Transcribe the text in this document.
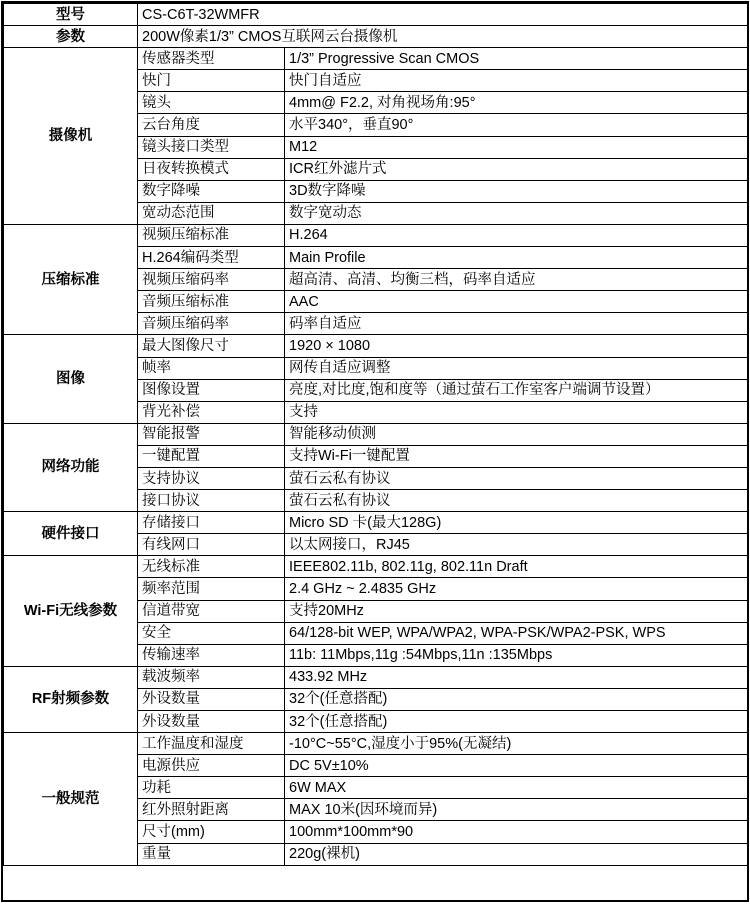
型号	CS-C6T-32WMFR	
参数	200W像素1/3” CMOS互联网云台摄像机	
摄像机	传感器类型	1/3” Progressive Scan CMOS
	快门	快门自适应
	镜头	4mm@ F2.2, 对角视场角:95°
	云台角度	水平340°，垂直90°
	镜头接口类型	M12
	日夜转换模式	ICR红外滤片式
	数字降噪	3D数字降噪
	宽动态范围	数字宽动态
压缩标准	视频压缩标准	H.264
	H.264编码类型	Main Profile
	视频压缩码率	超高清、高清、均衡三档，码率自适应
	音频压缩标准	AAC
	音频压缩码率	码率自适应
图像	最大图像尺寸	1920 × 1080
	帧率	网传自适应调整
	图像设置	亮度,对比度,饱和度等（通过萤石工作室客户端调节设置）
	背光补偿	支持
网络功能	智能报警	智能移动侦测
	一键配置	支持Wi-Fi一键配置
	支持协议	萤石云私有协议
	接口协议	萤石云私有协议
硬件接口	存储接口	Micro SD 卡(最大128G)
	有线网口	以太网接口，RJ45
Wi-Fi无线参数	无线标准	IEEE802.11b, 802.11g, 802.11n Draft
	频率范围	2.4 GHz ~ 2.4835 GHz
	信道带宽	支持20MHz
	安全	64/128-bit WEP, WPA/WPA2, WPA-PSK/WPA2-PSK, WPS
	传输速率	11b: 11Mbps,11g :54Mbps,11n :135Mbps
RF射频参数	载波频率	433.92 MHz
	外设数量	32个(任意搭配)
	外设数量	32个(任意搭配)
一般规范	工作温度和湿度	-10°C~55°C,湿度小于95%(无凝结)
	电源供应	DC 5V±10%
	功耗	6W MAX
	红外照射距离	MAX 10米(因环境而异)
	尺寸(mm)	100mm*100mm*90
	重量	220g(裸机)
